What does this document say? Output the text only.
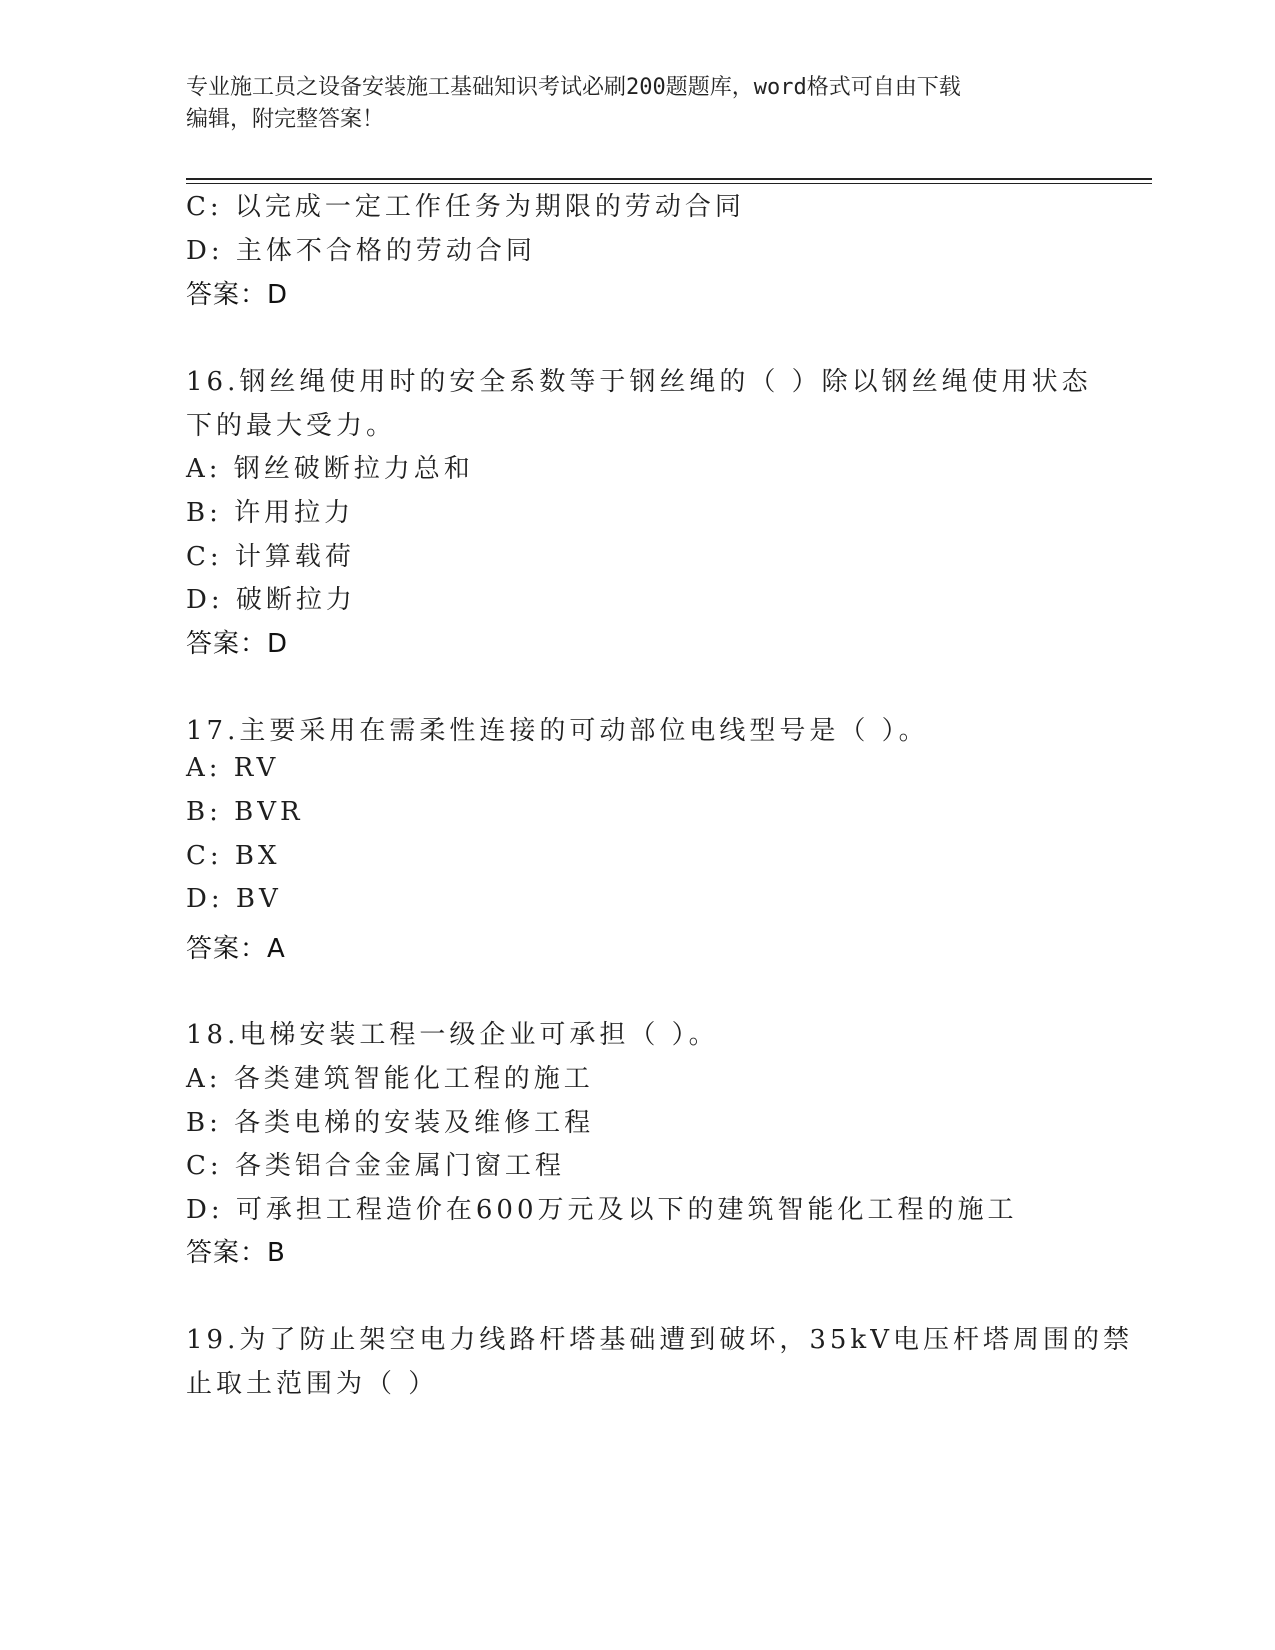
专业施工员之设备安装施工基础知识考试必刷200题题库，word格式可自由下载
编辑，附完整答案！
C: 以完成一定工作任务为期限的劳动合同
D: 主体不合格的劳动合同
答案：D
16.钢丝绳使用时的安全系数等于钢丝绳的（ ）除以钢丝绳使用状态
下的最大受力。
A: 钢丝破断拉力总和
B: 许用拉力
C: 计算载荷
D: 破断拉力
答案：D
17.主要采用在需柔性连接的可动部位电线型号是（ ）。
A: RV
B: BVR
C: BX
D: BV
答案：A
18.电梯安装工程一级企业可承担（ ）。
A: 各类建筑智能化工程的施工
B: 各类电梯的安装及维修工程
C: 各类铝合金金属门窗工程
D: 可承担工程造价在600万元及以下的建筑智能化工程的施工
答案：B
19.为了防止架空电力线路杆塔基础遭到破坏，35kV电压杆塔周围的禁
止取土范围为（ ）
